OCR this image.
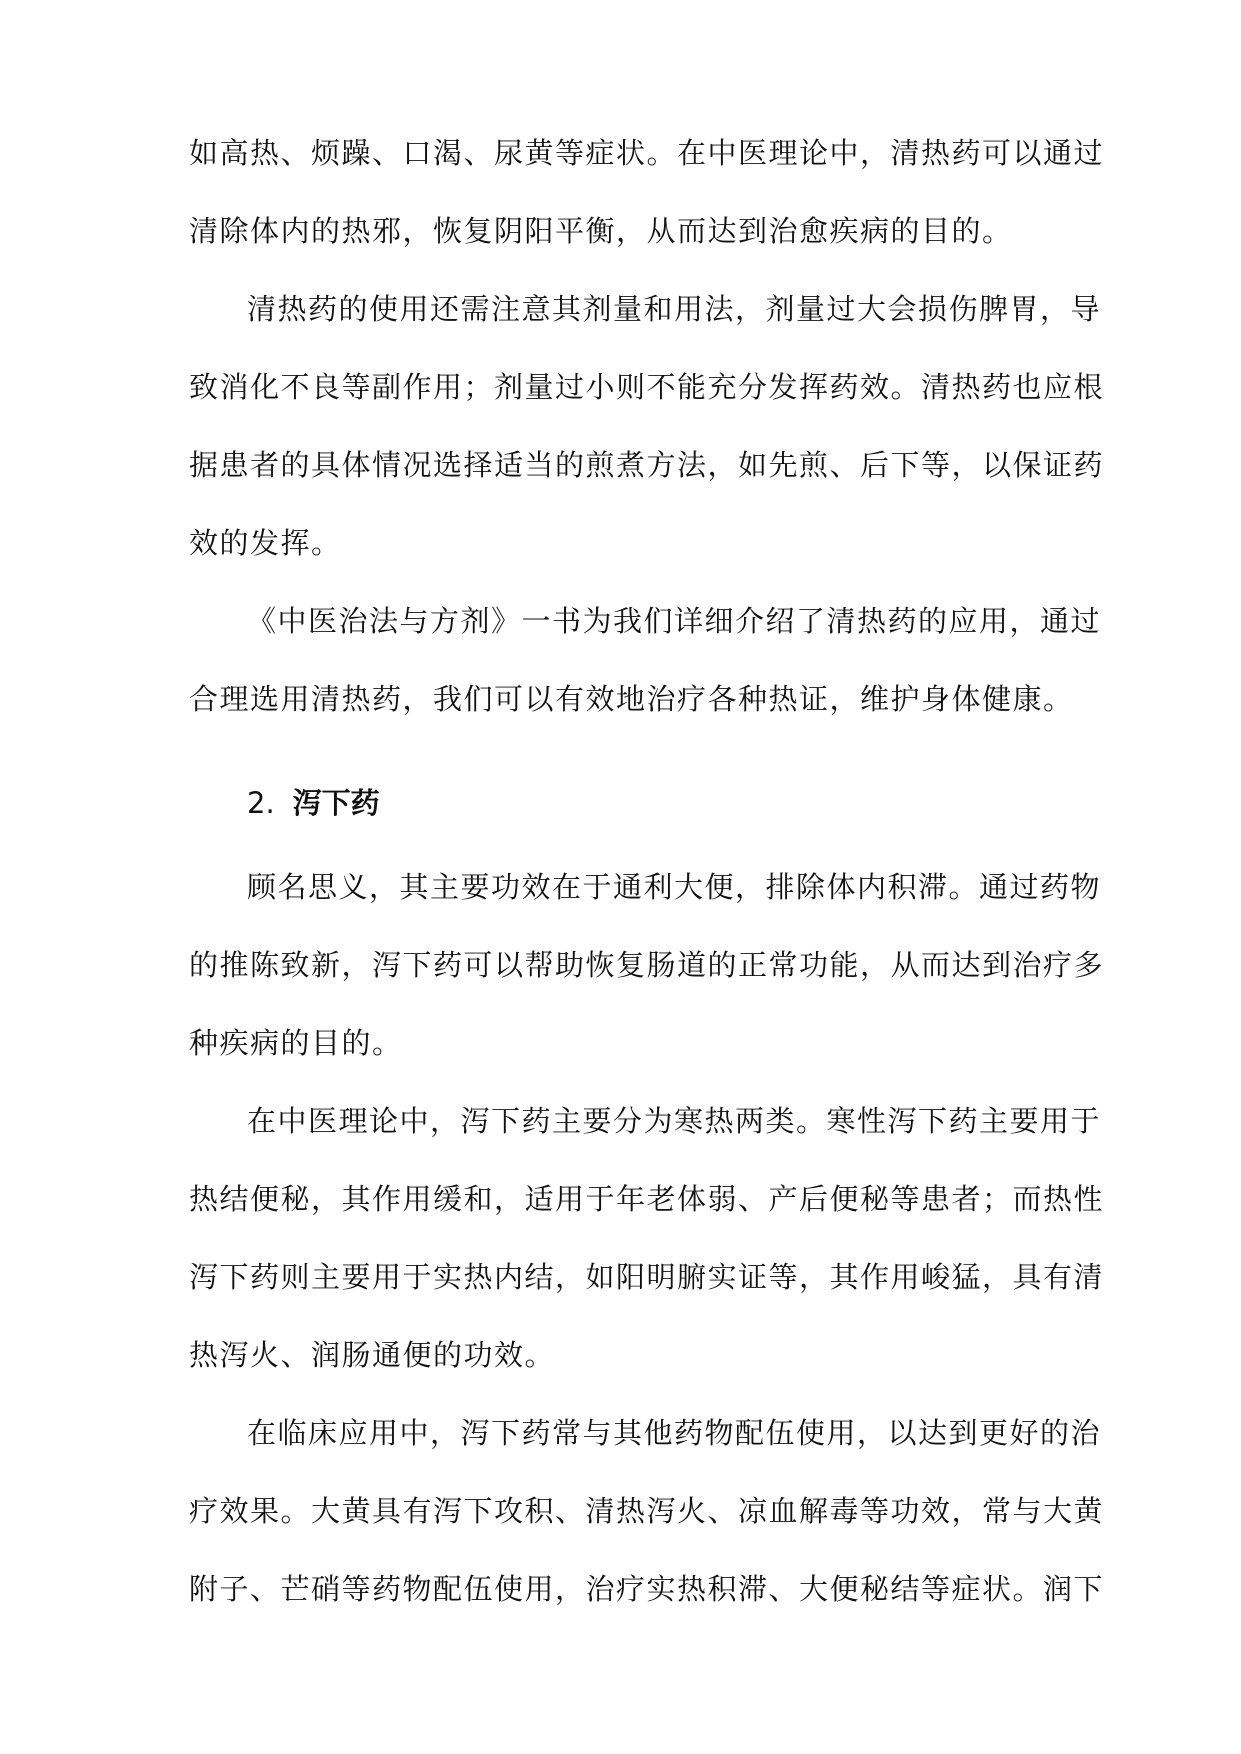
如高热、烦躁、口渴、尿黄等症状。在中医理论中，清热药可以通过
清除体内的热邪，恢复阴阳平衡，从而达到治愈疾病的目的。
清热药的使用还需注意其剂量和用法，剂量过大会损伤脾胃，导
致消化不良等副作用；剂量过小则不能充分发挥药效。清热药也应根
据患者的具体情况选择适当的煎煮方法，如先煎、后下等，以保证药
效的发挥。
《中医治法与方剂》一书为我们详细介绍了清热药的应用，通过
合理选用清热药，我们可以有效地治疗各种热证，维护身体健康。
2. 泻下药
顾名思义，其主要功效在于通利大便，排除体内积滞。通过药物
的推陈致新，泻下药可以帮助恢复肠道的正常功能，从而达到治疗多
种疾病的目的。
在中医理论中，泻下药主要分为寒热两类。寒性泻下药主要用于
热结便秘，其作用缓和，适用于年老体弱、产后便秘等患者；而热性
泻下药则主要用于实热内结，如阳明腑实证等，其作用峻猛，具有清
热泻火、润肠通便的功效。
在临床应用中，泻下药常与其他药物配伍使用，以达到更好的治
疗效果。大黄具有泻下攻积、清热泻火、凉血解毒等功效，常与大黄
附子、芒硝等药物配伍使用，治疗实热积滞、大便秘结等症状。润下
